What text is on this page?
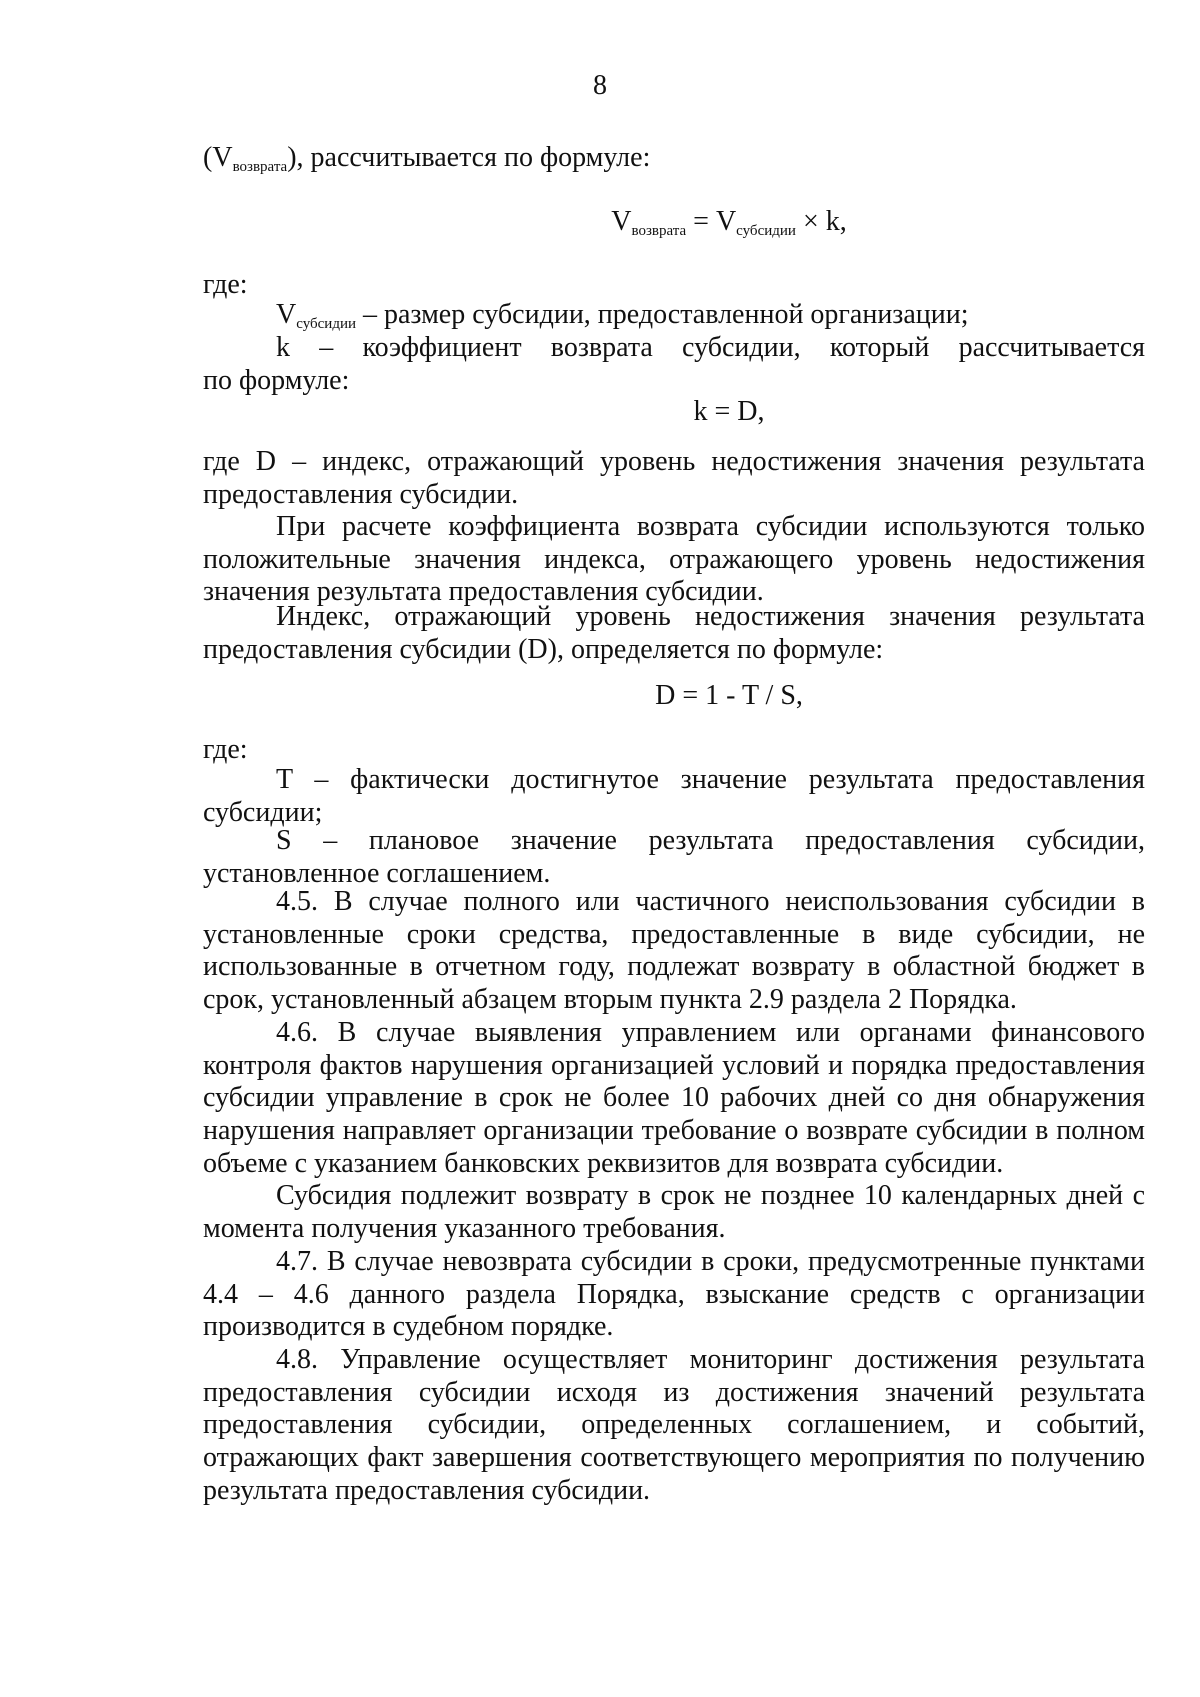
8
$(V_{возврата})$, рассчитывается по формуле:
$V_{возврата} = V_{субсидии} \times k$,
где:
$V_{субсидии}$ – размер субсидии, предоставленной организации;
k  –  коэффициент  возврата  субсидии,  который  рассчитывается
по формуле:
k = D,
где D – индекс, отражающий уровень недостижения значения результата предоставления субсидии.
При расчете коэффициента возврата субсидии используются только положительные значения индекса, отражающего уровень недостижения значения результата предоставления субсидии.
Индекс, отражающий уровень недостижения значения результата предоставления субсидии (D), определяется по формуле:
D = 1 - T / S,
где:
T – фактически достигнутое значение результата предоставления субсидии;
S – плановое значение результата предоставления субсидии, установленное соглашением.
4.5. В случае полного или частичного неиспользования субсидии в установленные сроки средства, предоставленные в виде субсидии, не использованные в отчетном году, подлежат возврату в областной бюджет в срок, установленный абзацем вторым пункта 2.9 раздела 2 Порядка.
4.6. В случае выявления управлением или органами финансового контроля фактов нарушения организацией условий и порядка предоставления субсидии управление в срок не более 10 рабочих дней со дня обнаружения нарушения направляет организации требование о возврате субсидии в полном объеме с указанием банковских реквизитов для возврата субсидии.
Субсидия подлежит возврату в срок не позднее 10 календарных дней с момента получения указанного требования.
4.7. В случае невозврата субсидии в сроки, предусмотренные пунктами 4.4 – 4.6 данного раздела Порядка, взыскание средств с организации производится в судебном порядке.
4.8. Управление осуществляет мониторинг достижения результата предоставления субсидии исходя из достижения значений результата предоставления субсидии, определенных соглашением, и событий, отражающих факт завершения соответствующего мероприятия по получению результата предоставления субсидии.
